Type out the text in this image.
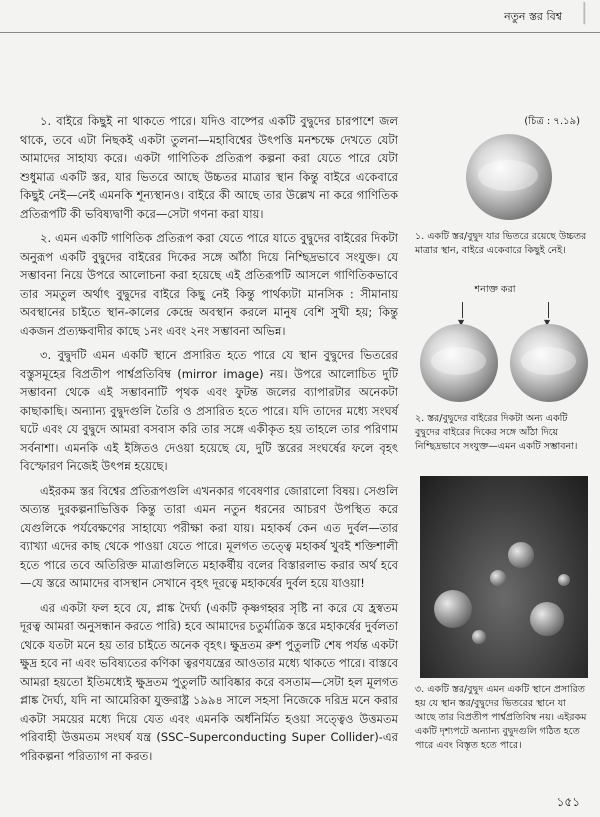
নতুন স্তর বিশ্ব |

১. বাইরে কিছুই না থাকতে পারে। যদিও বাষ্পের একটি বুদ্বুদের চারপাশে জল থাকে, তবে এটা নিছকই একটা তুলনা—মহাবিশ্বের উৎপত্তি মনশ্চক্ষে দেখতে যেটা আমাদের সাহায্য করে। একটা গাণিতিক প্রতিরূপ কল্পনা করা যেতে পারে যেটা শুধুমাত্র একটি স্তর, যার ভিতরে আছে উচ্চতর মাত্রার স্থান কিন্তু বাইরে একেবারে কিছুই নেই—নেই এমনকি শূন্যস্থানও। বাইরে কী আছে তার উল্লেখ না করে গাণিতিক প্রতিরূপটি কী ভবিষ্যদ্বাণী করে—সেটা গণনা করা যায়।

২. এমন একটি গাণিতিক প্রতিরূপ করা যেতে পারে যাতে বুদ্বুদের বাইরের দিকটা অনুরূপ একটি বুদ্বুদের বাইরের দিকের সঙ্গে আঁঠা দিয়ে নিশ্ছিদ্রভাবে সংযুক্ত। যে সম্ভাবনা নিয়ে উপরে আলোচনা করা হয়েছে এই প্রতিরূপটি আসলে গাণিতিকভাবে তার সমতুল অর্থাৎ বুদ্বুদের বাইরে কিছু নেই কিন্তু পার্থক্যটা মানসিক : সীমানায় অবস্থানের চাইতে স্থান-কালের কেন্দ্রে অবস্থান করলে মানুষ বেশি সুখী হয়; কিন্তু একজন প্রত্যক্ষবাদীর কাছে ১নং এবং ২নং সম্ভাবনা অভিন্ন।

৩. বুদ্বুদটি এমন একটি স্থানে প্রসারিত হতে পারে যে স্থান বুদ্বুদের ভিতরের বস্তুসমূহের বিপ্রতীপ পার্শ্বপ্রতিবিম্ব (mirror image) নয়। উপরে আলোচিত দুটি সম্ভাবনা থেকে এই সম্ভাবনাটি পৃথক এবং ফুটন্ত জলের ব্যাপারটার অনেকটা কাছাকাছি। অন্যান্য বুদ্বুদগুলি তৈরি ও প্রসারিত হতে পারে। যদি তাদের মধ্যে সংঘর্ষ ঘটে এবং যে বুদ্বুদে আমরা বসবাস করি তার সঙ্গে একীকৃত হয় তাহলে তার পরিণাম সর্বনাশা। এমনকি এই ইঙ্গিতও দেওয়া হয়েছে যে, দুটি স্তরের সংঘর্ষের ফলে বৃহৎ বিস্ফোরণ নিজেই উৎপন্ন হয়েছে।

এইরকম স্তর বিশ্বের প্রতিরূপগুলি এখনকার গবেষণার জোরালো বিষয়। সেগুলি অত্যন্ত দুরকল্পনাভিত্তিক কিন্তু তারা এমন নতুন ধরনের আচরণ উপস্থিত করে যেগুলিকে পর্যবেক্ষণের সাহায্যে পরীক্ষা করা যায়। মহাকর্ষ কেন এত দুর্বল—তার ব্যাখ্যা এদের কাছ থেকে পাওয়া যেতে পারে। মূলগত তত্ত্বে মহাকর্ষ খুবই শক্তিশালী হতে পারে তবে অতিরিক্ত মাত্রাগুলিতে মহাকর্ষীয় বলের বিস্তারলাভ করার অর্থ হবে—যে স্তরে আমাদের বাসস্থান সেখানে বৃহৎ দূরত্বে মহাকর্ষের দুর্বল হয়ে যাওয়া!

এর একটা ফল হবে যে, প্লাঙ্ক দৈর্ঘ্য (একটি কৃষ্ণগহ্বর সৃষ্টি না করে যে হ্রস্বতম দূরত্ব আমরা অনুসন্ধান করতে পারি) হবে আমাদের চতুর্মাত্রিক স্তরে মহাকর্ষের দুর্বলতা থেকে যতটা মনে হয় তার চাইতে অনেক বৃহৎ। ক্ষুদ্রতম রুশ পুতুলটি শেষ পর্যন্ত একটা ক্ষুদ্র হবে না এবং ভবিষ্যতের কণিকা ত্বরণযন্ত্রের আওতার মধ্যে থাকতে পারে। বাস্তবে আমরা হয়তো ইতিমধ্যেই ক্ষুদ্রতম পুতুলটি আবিষ্কার করে বসতাম—সেটা হল মূলগত প্লাঙ্ক দৈর্ঘ্য, যদি না আমেরিকা যুক্তরাষ্ট্র ১৯৯৪ সালে সহসা নিজেকে দরিদ্র মনে করার একটা সময়ের মধ্যে দিয়ে যেত এবং এমনকি অর্ধনির্মিত হওয়া সত্ত্বেও উত্তমতম পরিবাহী উত্তমতম সংঘর্ষ যন্ত্র (SSC–Superconducting Super Collider)-এর পরিকল্পনা পরিত্যাগ না করত।

(চিত্র : ৭.১৯)
১. একটি স্তর/বুদ্বুদ যার ভিতরে রয়েছে উচ্চতর মাত্রার স্থান, বাইরে একেবারে কিছুই নেই।
শনাক্ত করা
▼
▼
২. স্তর/বুদ্বুদের বাইরের দিকটা অন্য একটি বুদ্বুদের বাইরের দিকের সঙ্গে আঁঠা দিয়ে নিশ্ছিদ্রভাবে সংযুক্ত—এমন একটি সম্ভাবনা।
৩. একটি স্তর/বুদ্বুদ এমন একটি স্থানে প্রসারিত হয় যে স্থান স্তর/বুদ্বুদের ভিতরের স্থানে যা আছে তার বিপ্রতীপ পার্শ্বপ্রতিবিম্ব নয়। এইরকম একটি দৃশ্যপটে অন্যান্য বুদ্বুদগুলি গঠিত হতে পারে এবং বিস্তৃত হতে পারে।
১৫১
